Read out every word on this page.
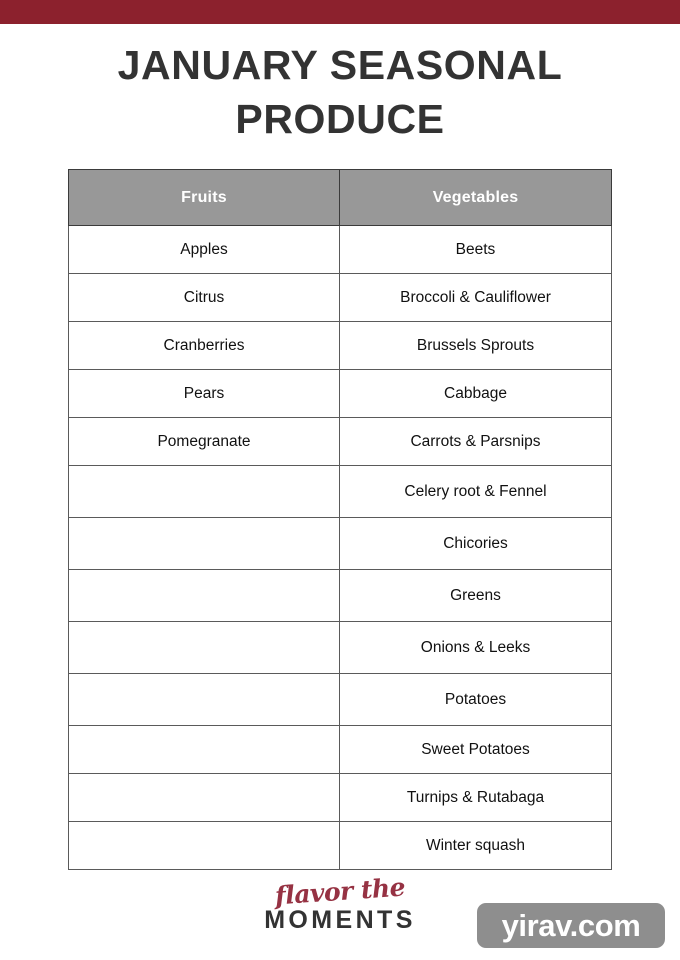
JANUARY SEASONAL
PRODUCE
Fruits	Vegetables
Apples	Beets
Citrus	Broccoli & Cauliflower
Cranberries	Brussels Sprouts
Pears	Cabbage
Pomegranate	Carrots & Parsnips
	Celery root & Fennel
	Chicories
	Greens
	Onions & Leeks
	Potatoes
	Sweet Potatoes
	Turnips & Rutabaga
	Winter squash
flavor the
MOMENTS	yirav.com
